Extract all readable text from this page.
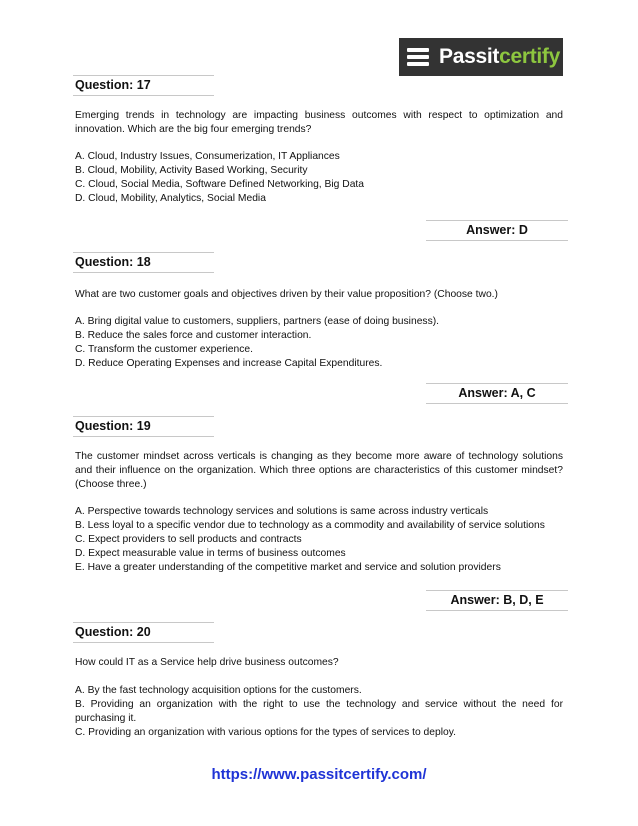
Passitcertify
Question: 17
Emerging trends in technology are impacting business outcomes with respect to optimization and innovation. Which are the big four emerging trends?
A. Cloud, Industry Issues, Consumerization, IT Appliances
B. Cloud, Mobility, Activity Based Working, Security
C. Cloud, Social Media, Software Defined Networking, Big Data
D. Cloud, Mobility, Analytics, Social Media
Answer: D
Question: 18
What are two customer goals and objectives driven by their value proposition? (Choose two.)
A. Bring digital value to customers, suppliers, partners (ease of doing business).
B. Reduce the sales force and customer interaction.
C. Transform the customer experience.
D. Reduce Operating Expenses and increase Capital Expenditures.
Answer: A, C
Question: 19
The customer mindset across verticals is changing as they become more aware of technology solutions and their influence on the organization. Which three options are characteristics of this customer mindset? (Choose three.)
A. Perspective towards technology services and solutions is same across industry verticals
B. Less loyal to a specific vendor due to technology as a commodity and availability of service solutions
C. Expect providers to sell products and contracts
D. Expect measurable value in terms of business outcomes
E. Have a greater understanding of the competitive market and service and solution providers
Answer: B, D, E
Question: 20
How could IT as a Service help drive business outcomes?
A. By the fast technology acquisition options for the customers.
B. Providing an organization with the right to use the technology and service without the need for purchasing it.
C. Providing an organization with various options for the types of services to deploy.
https://www.passitcertify.com/
